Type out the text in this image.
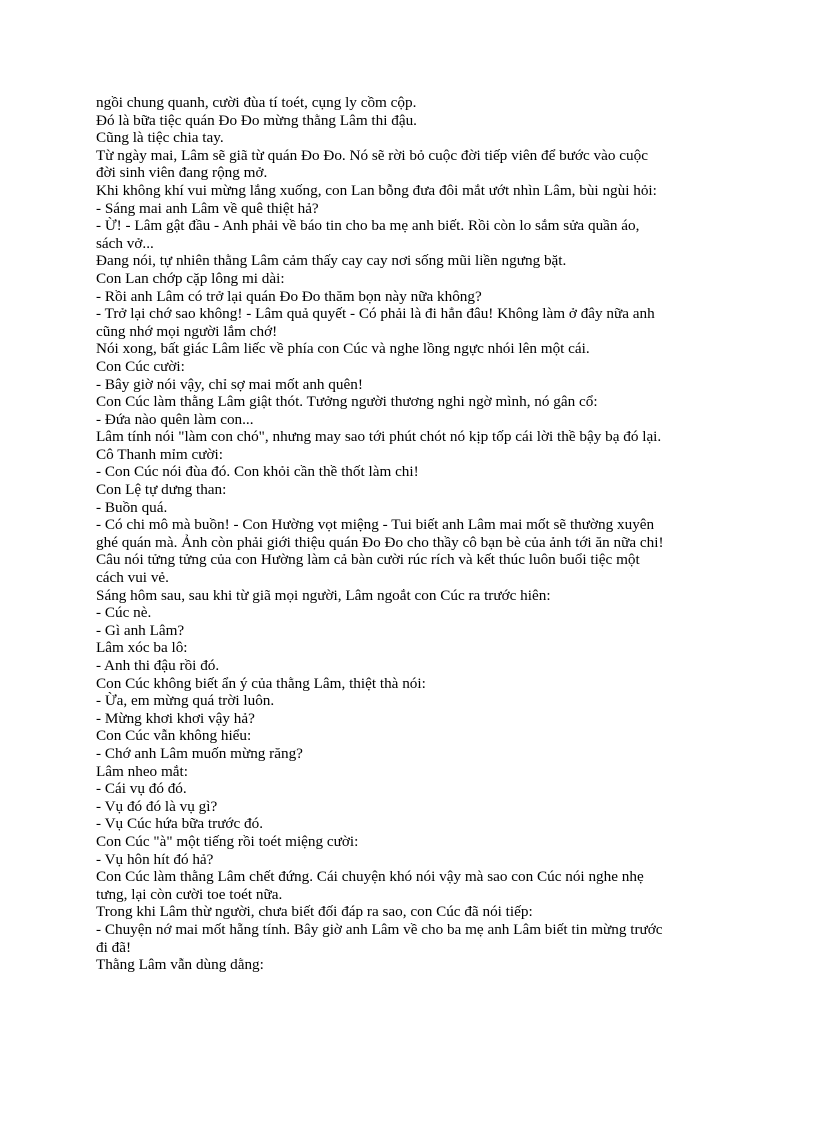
ngồi chung quanh, cười đùa tí toét, cụng ly cồm cộp.
Đó là bữa tiệc quán Đo Đo mừng thằng Lâm thi đậu.
Cũng là tiệc chia tay.
Từ ngày mai, Lâm sẽ giã từ quán Đo Đo. Nó sẽ rời bỏ cuộc đời tiếp viên để bước vào cuộc
đời sinh viên đang rộng mở.
Khi không khí vui mừng lắng xuống, con Lan bỗng đưa đôi mắt ướt nhìn Lâm, bùi ngùi hỏi:
- Sáng mai anh Lâm về quê thiệt hả?
- Ừ! - Lâm gật đầu - Anh phải về báo tin cho ba mẹ anh biết. Rồi còn lo sắm sửa quần áo,
sách vở...
Đang nói, tự nhiên thằng Lâm cảm thấy cay cay nơi sống mũi liền ngưng bặt.
Con Lan chớp cặp lông mi dài:
- Rồi anh Lâm có trở lại quán Đo Đo thăm bọn này nữa không?
- Trở lại chớ sao không! - Lâm quả quyết - Có phải là đi hẳn đâu! Không làm ở đây nữa anh
cũng nhớ mọi người lắm chớ!
Nói xong, bất giác Lâm liếc về phía con Cúc và nghe lồng ngực nhói lên một cái.
Con Cúc cười:
- Bây giờ nói vậy, chỉ sợ mai mốt anh quên!
Con Cúc làm thằng Lâm giật thót. Tưởng người thương nghi ngờ mình, nó gân cổ:
- Đứa nào quên làm con...
Lâm tính nói "làm con chó", nhưng may sao tới phút chót nó kịp tốp cái lời thề bậy bạ đó lại.
Cô Thanh mỉm cười:
- Con Cúc nói đùa đó. Con khỏi cần thề thốt làm chi!
Con Lệ tự dưng than:
- Buồn quá.
- Có chi mô mà buồn! - Con Hường vọt miệng - Tui biết anh Lâm mai mốt sẽ thường xuyên
ghé quán mà. Ảnh còn phải giới thiệu quán Đo Đo cho thầy cô bạn bè của ảnh tới ăn nữa chi!
Câu nói tửng tửng của con Hường làm cả bàn cười rúc rích và kết thúc luôn buổi tiệc một
cách vui vẻ.
Sáng hôm sau, sau khi từ giã mọi người, Lâm ngoắt con Cúc ra trước hiên:
- Cúc nè.
- Gì anh Lâm?
Lâm xóc ba lô:
- Anh thi đậu rồi đó.
Con Cúc không biết ẩn ý của thằng Lâm, thiệt thà nói:
- Ừa, em mừng quá trời luôn.
- Mừng khơi khơi vậy hả?
Con Cúc vẫn không hiểu:
- Chớ anh Lâm muốn mừng răng?
Lâm nheo mắt:
- Cái vụ đó đó.
- Vụ đó đó là vụ gì?
- Vụ Cúc hứa bữa trước đó.
Con Cúc "à" một tiếng rồi toét miệng cười:
- Vụ hôn hít đó hả?
Con Cúc làm thằng Lâm chết đứng. Cái chuyện khó nói vậy mà sao con Cúc nói nghe nhẹ
tưng, lại còn cười toe toét nữa.
Trong khi Lâm thừ người, chưa biết đối đáp ra sao, con Cúc đã nói tiếp:
- Chuyện nớ mai mốt hẵng tính. Bây giờ anh Lâm về cho ba mẹ anh Lâm biết tin mừng trước
đi đã!
Thằng Lâm vẫn dùng dằng:
